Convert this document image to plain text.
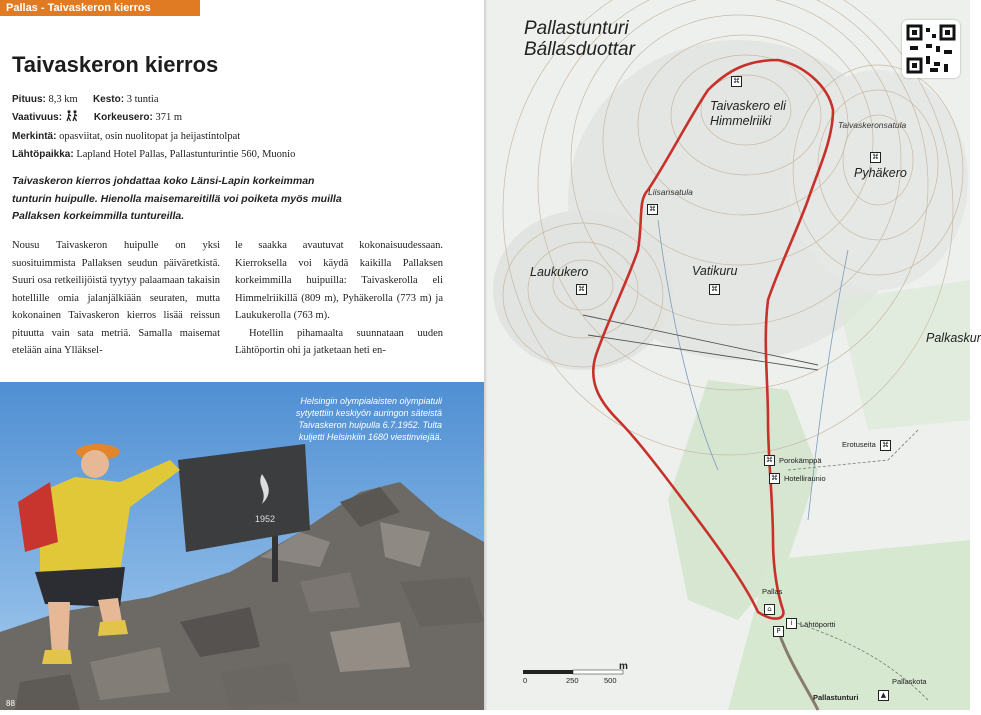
Pallas - Taivaskeron kierros
Taivaskeron kierros
Pituus: 8,3 km Kesto: 3 tuntia
Vaativuus:	Korkeusero: 371 m
Merkintä: opasviitat, osin nuolitopat ja heijastintolpat
Lähtöpaikka: Lapland Hotel Pallas, Pallastunturintie 560, Muonio
Taivaskeron kierros johdattaa koko Länsi-Lapin korkeimman tunturin huipulle. Hienolla maisemareitillä voi poiketa myös muilla Pallaksen korkeimmilla tuntureilla.
Nousu Taivaskeron huipulle on yksi suosituimmista Pallaksen seudun päiväretkistä. Suuri osa retkeilijöistä tyytyy palaamaan takaisin hotellille omia jalanjälkiään seuraten, mutta kokonainen Taivaskeron kierros lisää reissun pituutta vain sata metriä. Samalla maisemat etelään aina Ylläksel-
le saakka avautuvat kokonaisuudessaan. Kierroksella voi käydä kaikilla Pallaksen korkeimmilla huipuilla: Taivaskerolla eli Himmelriikillä (809 m), Pyhäkerolla (773 m) ja Laukukerolla (763 m).
Hotellin pihamaalta suunnataan uuden Lähtöportin ohi ja jatketaan heti en-
1952
Helsingin olympialaisten olympiatuli sytytettiin keskiyön auringon säteistä Taivaskeron huipulla 6.7.1952. Tulta kuljetti Helsinkiin 1680 viestinviejää.
88
Pallastunturi
Bállasduottar
⌘
Taivaskero eli
Himmelriiki	Taivaskeronsatula
⌘
Pyhäkero
Liisansatula
⌘
Laukukero
⌘
Vatikuru
⌘
Palkaskur
⌘ Porokämppä
⌘ Hotelliraunio
Erotuseita ⌘
Pallas
⌂
i	Lähtöportti
P
Pallastunturi	▲
Pallaskota
0	250	500
m
